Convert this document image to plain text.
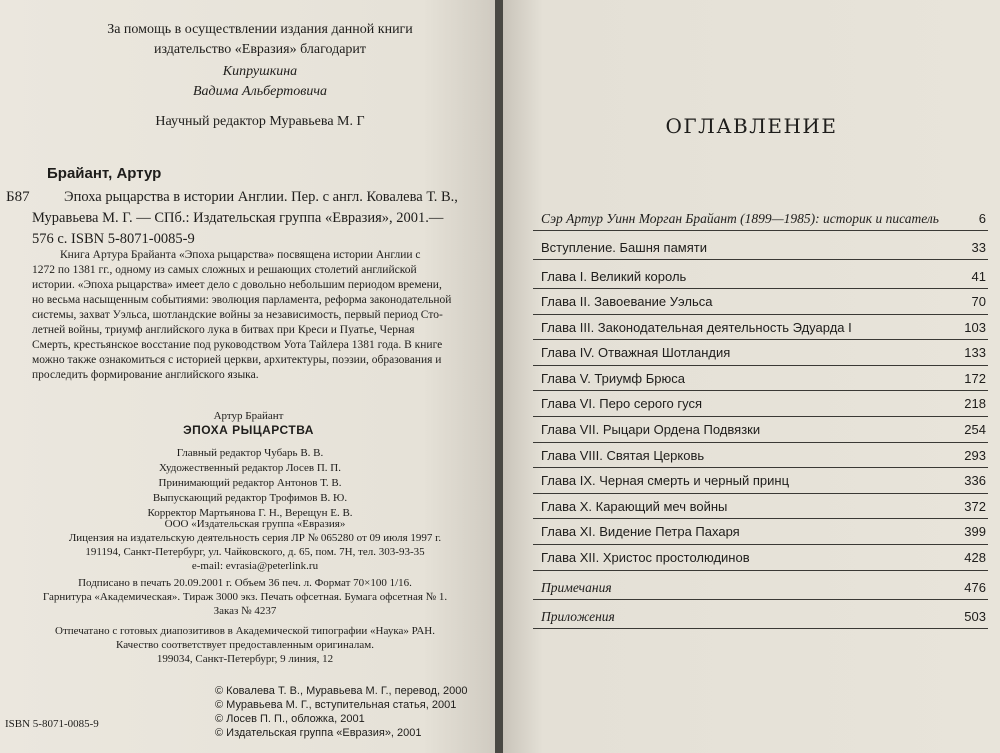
За помощь в осуществлении издания данной книги
издательство «Евразия» благодарит
Кипрушкина
Вадима Альбертовича
Научный редактор Муравьева М. Г
Брайант, Артур
Б87	Эпоха рыцарства в истории Англии. Пер. с англ. Ковалева Т. В.,
Муравьева М. Г. — СПб.: Издательская группа «Евразия», 2001.—
576 с. ISBN 5-8071-0085-9
Книга Артура Брайанта «Эпоха рыцарства» посвящена истории Англии с
1272 по 1381 гг., одному из самых сложных и решающих столетий английской
истории. «Эпоха рыцарства» имеет дело с довольно небольшим периодом времени,
но весьма насыщенным событиями: эволюция парламента, реформа законодательной
системы, захват Уэльса, шотландские войны за независимость, первый период Сто-
летней войны, триумф английского лука в битвах при Креси и Пуатье, Черная
Смерть, крестьянское восстание под руководством Уота Тайлера 1381 года. В книге
можно также ознакомиться с историей церкви, архитектуры, поэзии, образования и
проследить формирование английского языка.
Артур Брайант
ЭПОХА РЫЦАРСТВА
Главный редактор Чубарь В. В.
Художественный редактор Лосев П. П.
Принимающий редактор Антонов Т. В.
Выпускающий редактор Трофимов В. Ю.
Корректор Мартьянова Г. Н., Верещун Е. В.
ООО «Издательская группа «Евразия»
Лицензия на издательскую деятельность серия ЛР № 065280 от 09 июля 1997 г.
191194, Санкт-Петербург, ул. Чайковского, д. 65, пом. 7Н, тел. 303-93-35
e-mail: evrasia@peterlink.ru
Подписано в печать 20.09.2001 г. Объем 36 печ. л. Формат 70×100 1/16.
Гарнитура «Академическая». Тираж 3000 экз. Печать офсетная. Бумага офсетная № 1.
Заказ № 4237
Отпечатано с готовых диапозитивов в Академической типографии «Наука» РАН.
Качество соответствует предоставленным оригиналам.
199034, Санкт-Петербург, 9 линия, 12
© Ковалева Т. В., Муравьева М. Г., перевод, 2000
© Муравьева М. Г., вступительная статья, 2001
© Лосев П. П., обложка, 2001
© Издательская группа «Евразия», 2001
ISBN 5-8071-0085-9
ОГЛАВЛЕНИЕ
Сэр Артур Уинн Морган Брайант (1899—1985): историк и писатель	6
Вступление. Башня памяти	33
Глава I. Великий король	41
Глава II. Завоевание Уэльса	70
Глава III. Законодательная деятельность Эдуарда I	103
Глава IV. Отважная Шотландия	133
Глава V. Триумф Брюса	172
Глава VI. Перо серого гуся	218
Глава VII. Рыцари Ордена Подвязки	254
Глава VIII. Святая Церковь	293
Глава IX. Черная смерть и черный принц	336
Глава X. Карающий меч войны	372
Глава XI. Видение Петра Пахаря	399
Глава XII. Христос простолюдинов	428
Примечания	476
Приложения	503
